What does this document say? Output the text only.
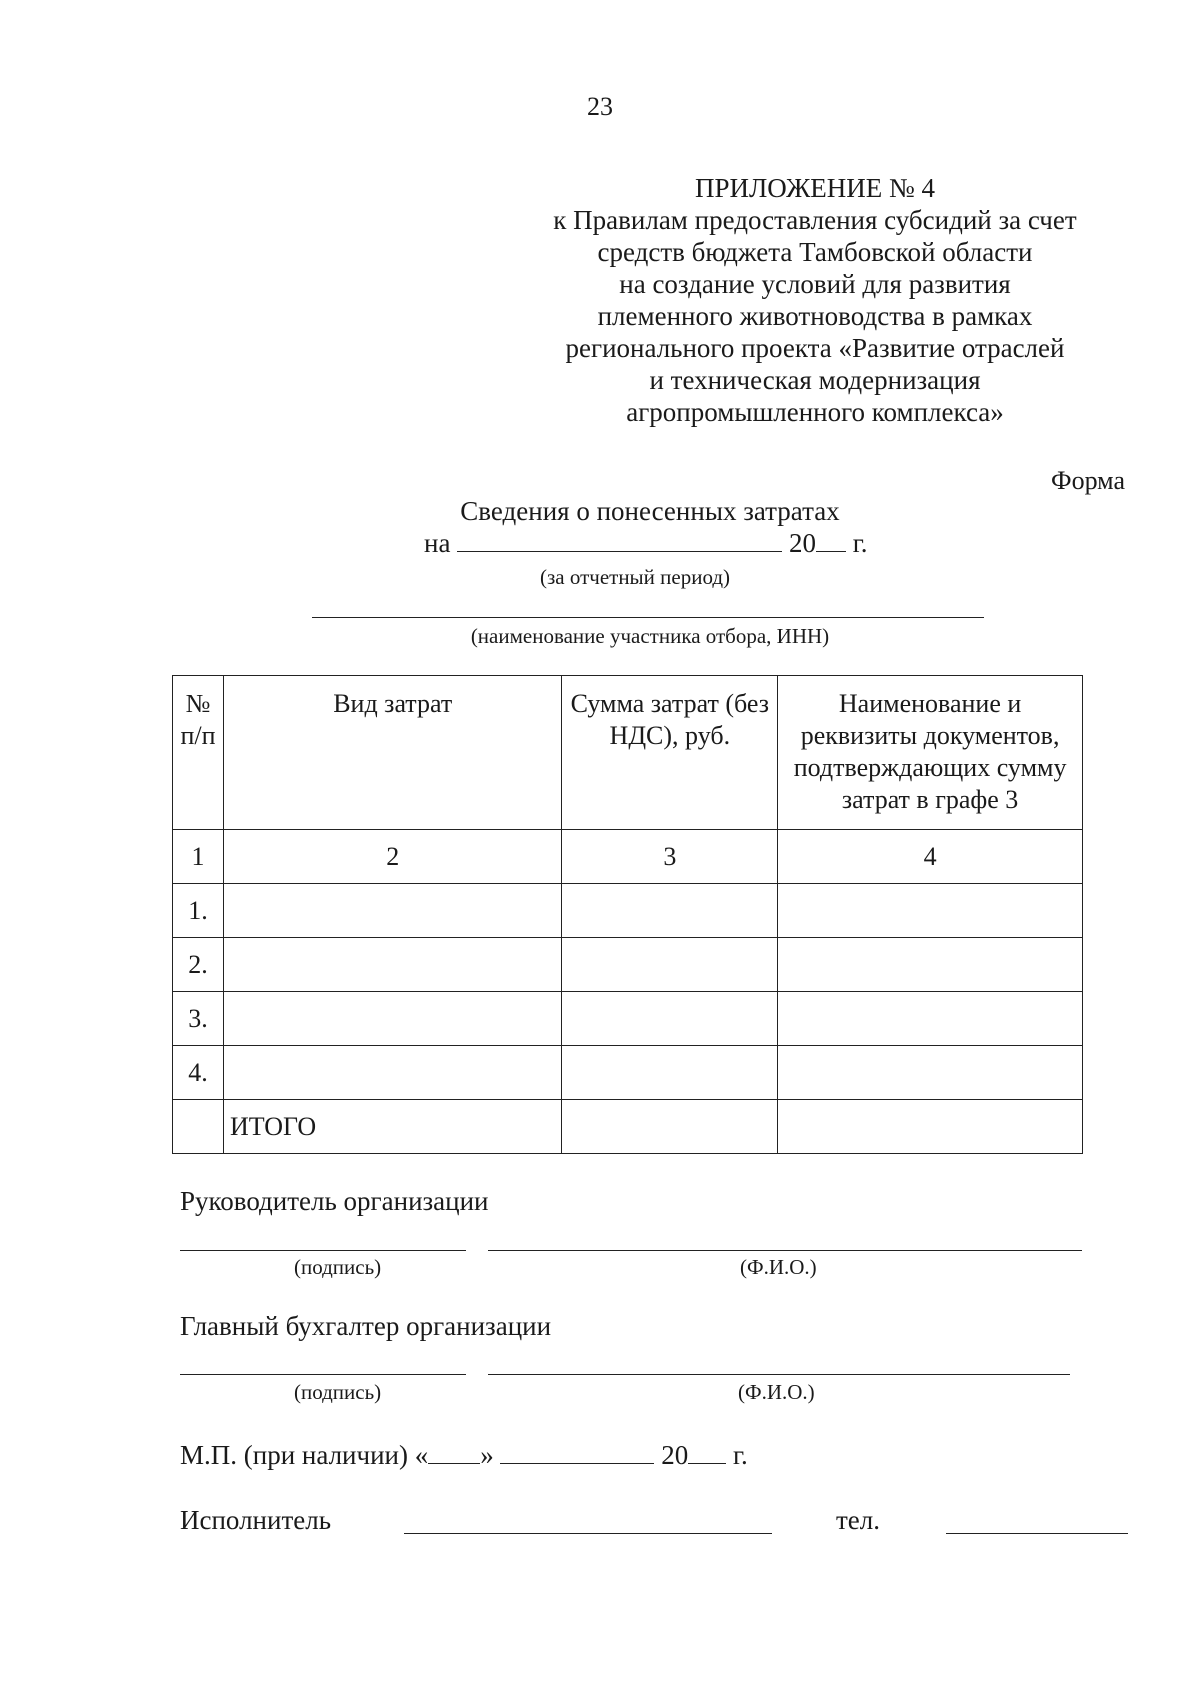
23
ПРИЛОЖЕНИЕ № 4
к Правилам предоставления субсидий за счет
средств бюджета Тамбовской области
на создание условий для развития
племенного животноводства в рамках
регионального проекта «Развитие отраслей
и техническая модернизация
агропромышленного комплекса»
Форма
Сведения о понесенных затратах
на	20 г.
(за отчетный период)
(наименование участника отбора, ИНН)
№ п/п	Вид затрат	Сумма затрат (без НДС), руб.	Наименование и реквизиты документов, подтверждающих сумму затрат в графе 3
1	2	3	4
1.			
2.			
3.			
4.			
	ИТОГО		
Руководитель организации
(подпись)	(Ф.И.О.)
Главный бухгалтер организации
(подпись)	(Ф.И.О.)
М.П. (при наличии) « »	20 г.
Исполнитель	тел.
